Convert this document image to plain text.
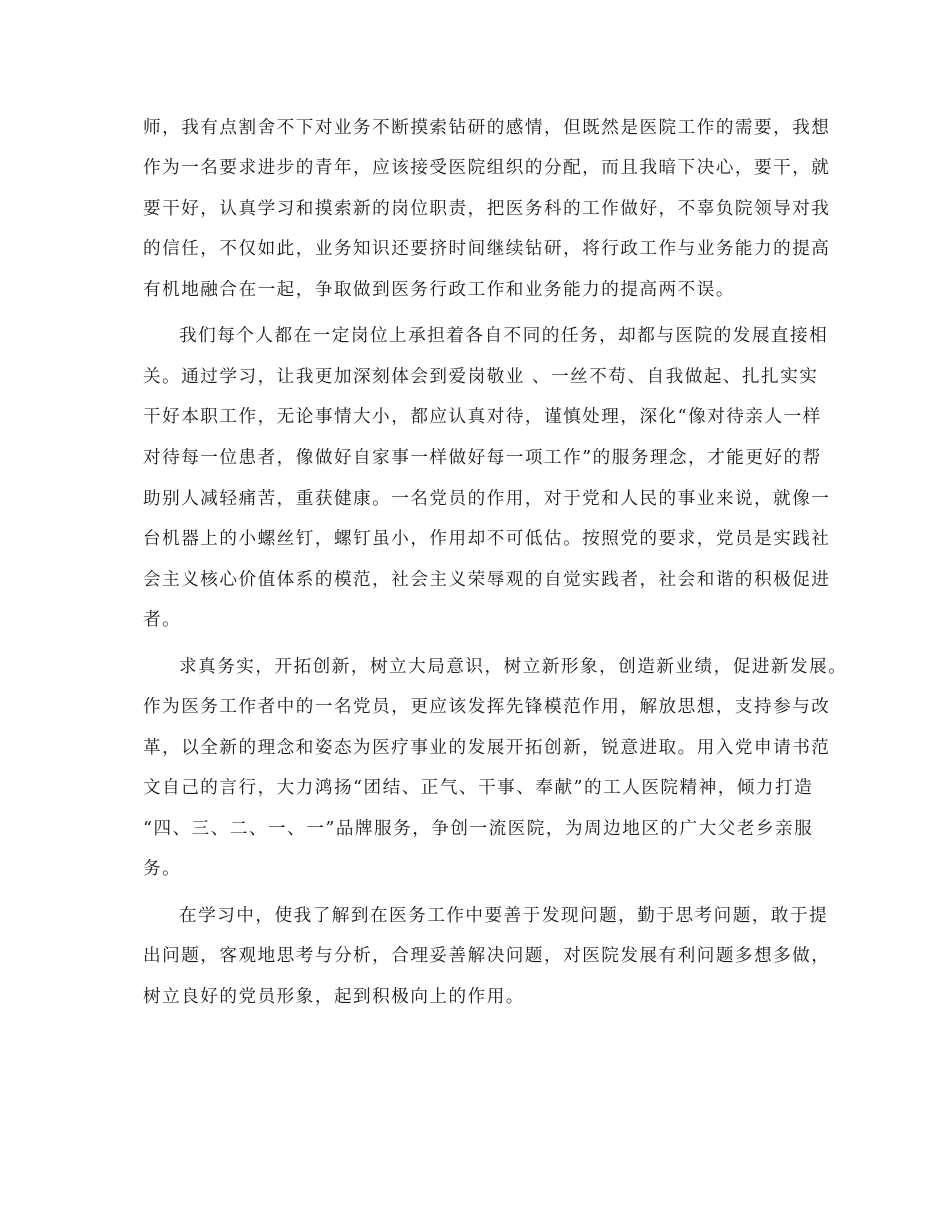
师，我有点割舍不下对业务不断摸索钻研的感情，但既然是医院工作的需要，我想
作为一名要求进步的青年，应该接受医院组织的分配，而且我暗下决心，要干，就
要干好，认真学习和摸索新的岗位职责，把医务科的工作做好，不辜负院领导对我
的信任，不仅如此，业务知识还要挤时间继续钻研，将行政工作与业务能力的提高
有机地融合在一起，争取做到医务行政工作和业务能力的提高两不误。
我们每个人都在一定岗位上承担着各自不同的任务，却都与医院的发展直接相
关。通过学习，让我更加深刻体会到爱岗敬业 、一丝不苟、自我做起、扎扎实实
干好本职工作，无论事情大小，都应认真对待，谨慎处理，深化“像对待亲人一样
对待每一位患者，像做好自家事一样做好每一项工作”的服务理念，才能更好的帮
助别人减轻痛苦，重获健康。一名党员的作用，对于党和人民的事业来说，就像一
台机器上的小螺丝钉，螺钉虽小，作用却不可低估。按照党的要求，党员是实践社
会主义核心价值体系的模范，社会主义荣辱观的自觉实践者，社会和谐的积极促进
者。
求真务实，开拓创新，树立大局意识，树立新形象，创造新业绩，促进新发展。
作为医务工作者中的一名党员，更应该发挥先锋模范作用，解放思想，支持参与改
革，以全新的理念和姿态为医疗事业的发展开拓创新，锐意进取。用入党申请书范
文自己的言行，大力鸿扬“团结、正气、干事、奉献”的工人医院精神，倾力打造
“四、三、二、一、一”品牌服务，争创一流医院，为周边地区的广大父老乡亲服
务。
在学习中，使我了解到在医务工作中要善于发现问题，勤于思考问题，敢于提
出问题，客观地思考与分析，合理妥善解决问题，对医院发展有利问题多想多做，
树立良好的党员形象，起到积极向上的作用。
